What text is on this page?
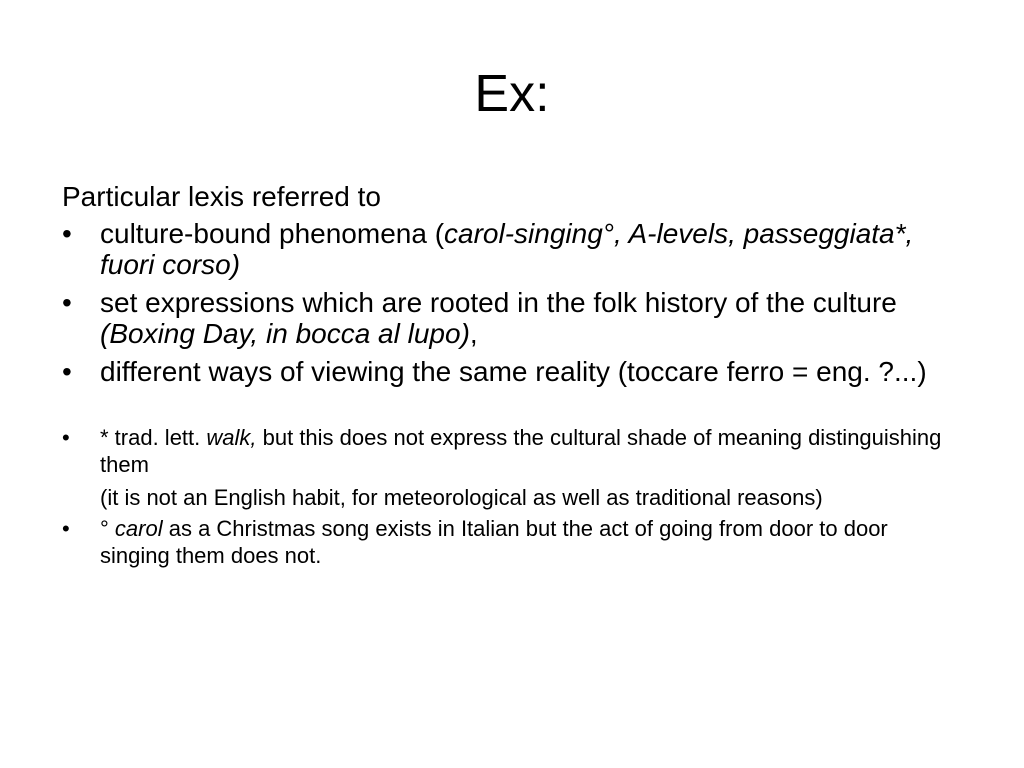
Ex:
Particular lexis referred to
•	culture-bound phenomena (carol-singing°, A-levels, passeggiata*, fuori corso)
•	set expressions which are rooted in the folk history of the culture (Boxing Day, in bocca al lupo),
•	different ways of viewing the same reality (toccare ferro = eng. ?...)
•	* trad. lett. walk, but this does not express the cultural shade of meaning distinguishing them
(it is not an English habit, for meteorological as well as traditional reasons)
•	° carol as a Christmas song exists in Italian but the act of going from door to door singing them does not.
